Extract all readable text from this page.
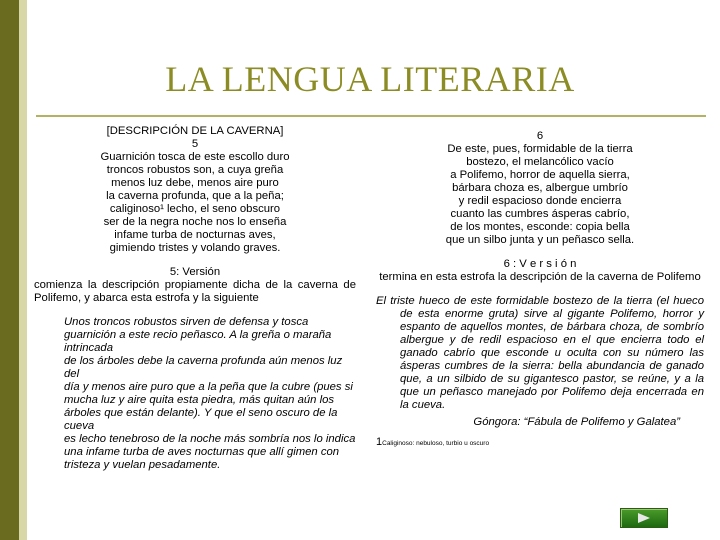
LA LENGUA LITERARIA
[DESCRIPCIÓN DE LA CAVERNA]
5
Guarnición tosca de este escollo duro
troncos robustos son, a cuya greña
menos luz debe, menos aire puro
la caverna profunda, que a la peña;
caliginoso¹ lecho, el seno obscuro
ser de la negra noche nos lo enseña
infame turba de nocturnas aves,
gimiendo tristes y volando graves.
5: Versión
comienza la descripción propiamente dicha de la caverna de Polifemo, y abarca esta estrofa y la siguiente
Unos troncos robustos sirven de defensa y tosca guarnición a este recio peñasco. A la greña o maraña intrincada
de los árboles debe la caverna profunda aún menos luz del
día y menos aire puro que a la peña que la cubre (pues si
mucha luz y aire quita esta piedra, más quitan aún los árboles que están delante). Y que el seno oscuro de la cueva
es lecho tenebroso de la noche más sombría nos lo indica
una infame turba de aves nocturnas que allí gimen con tristeza y vuelan pesadamente.
6
De este, pues, formidable de la tierra
bostezo, el melancólico vacío
a Polifemo, horror de aquella sierra,
bárbara choza es, albergue umbrío
y redil espacioso donde encierra
cuanto las cumbres ásperas cabrío,
de los montes, esconde: copia bella
que un silbo junta y un peñasco sella.
6 : V e r s i ó n
termina en esta estrofa la descripción de la caverna de Polifemo
El triste hueco de este formidable bostezo de la tierra (el hueco de esta enorme gruta) sirve al gigante Polifemo, horror y espanto de aquellos montes, de bárbara choza, de sombrío albergue y de redil espacioso en el que encierra todo el ganado cabrío que esconde u oculta con su número las ásperas cumbres de la sierra: bella abundancia de ganado que, a un silbido de su gigantesco pastor, se reúne, y a la que un peñasco manejado por Polifemo deja encerrada en la cueva.
Góngora: “Fábula de Polifemo y Galatea”
1Caliginoso: nebuloso, turbio u oscuro
